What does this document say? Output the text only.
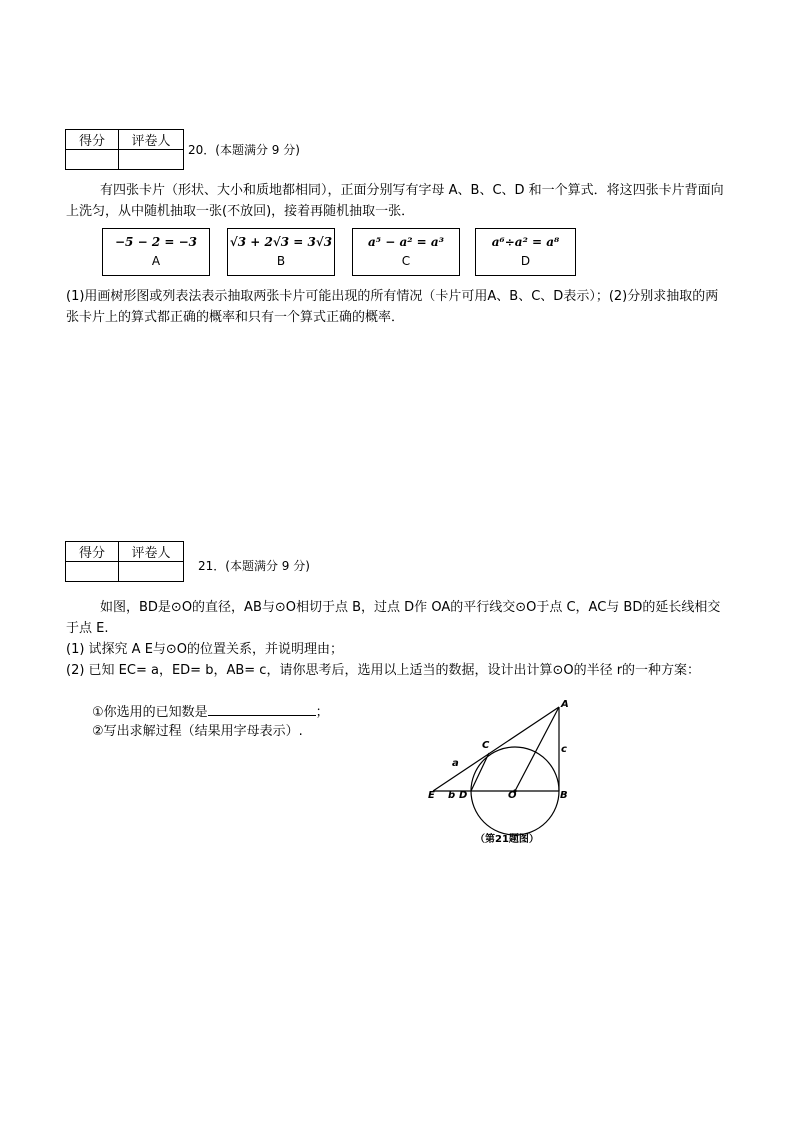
得分	评卷人

20．(本题满分 9 分)
有四张卡片（形状、大小和质地都相同），正面分别写有字母 A、B、C、D 和一个算式．将这四张卡片背面向上洗匀，从中随机抽取一张(不放回)，接着再随机抽取一张．
−5 − 2 = −3
A
√3 + 2√3 = 3√3
B
a⁵ − a² = a³
C
a⁶÷a² = a⁸
D
(1)用画树形图或列表法表示抽取两张卡片可能出现的所有情况（卡片可用A、B、C、D表示）；(2)分别求抽取的两张卡片上的算式都正确的概率和只有一个算式正确的概率．
得分	评卷人

21．(本题满分 9 分)
如图，BD是⊙O的直径，AB与⊙O相切于点 B，过点 D作 OA的平行线交⊙O于点 C，AC与 BD的延长线相交于点 E.
(1) 试探究 A E与⊙O的位置关系，并说明理由；
(2) 已知 EC= a，ED= b，AB= c，请你思考后，选用以上适当的数据，设计出计算⊙O的半径 r的一种方案：
①你选用的已知数是	；
②写出求解过程（结果用字母表示）.
A
C
a
c
E b D	O	B
（第21题图）
